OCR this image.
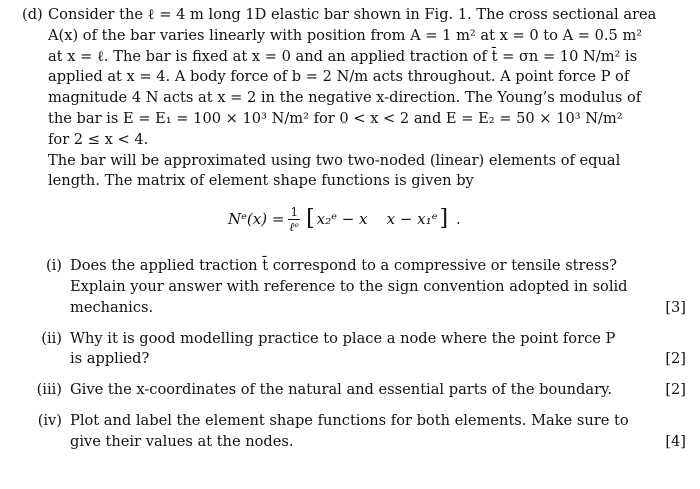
(d) Consider the ℓ = 4 m long 1D elastic bar shown in Fig. 1. The cross sectional area
A(x) of the bar varies linearly with position from A = 1 m² at x = 0 to A = 0.5 m²
at x = ℓ. The bar is fixed at x = 0 and an applied traction of t̄ = σn = 10 N/m² is
applied at x = 4. A body force of b = 2 N/m acts throughout. A point force P of
magnitude 4 N acts at x = 2 in the negative x-direction. The Young’s modulus of
the bar is E = E₁ = 100 × 10³ N/m² for 0 < x < 2 and E = E₂ = 50 × 10³ N/m²
for 2 ≤ x < 4.
The bar will be approximated using two two-noded (linear) elements of equal
length. The matrix of element shape functions is given by
Nᵉ(x) = $\frac{1}{\text{ℓᵉ}}$ [ x₂ᵉ − x    x − x₁ᵉ ] .
(i) Does the applied traction t̄ correspond to a compressive or tensile stress?
Explain your answer with reference to the sign convention adopted in solid
mechanics.	[3]
(ii) Why it is good modelling practice to place a node where the point force P
is applied?	[2]
(iii) Give the x-coordinates of the natural and essential parts of the boundary.	[2]
(iv) Plot and label the element shape functions for both elements. Make sure to
give their values at the nodes.	[4]
